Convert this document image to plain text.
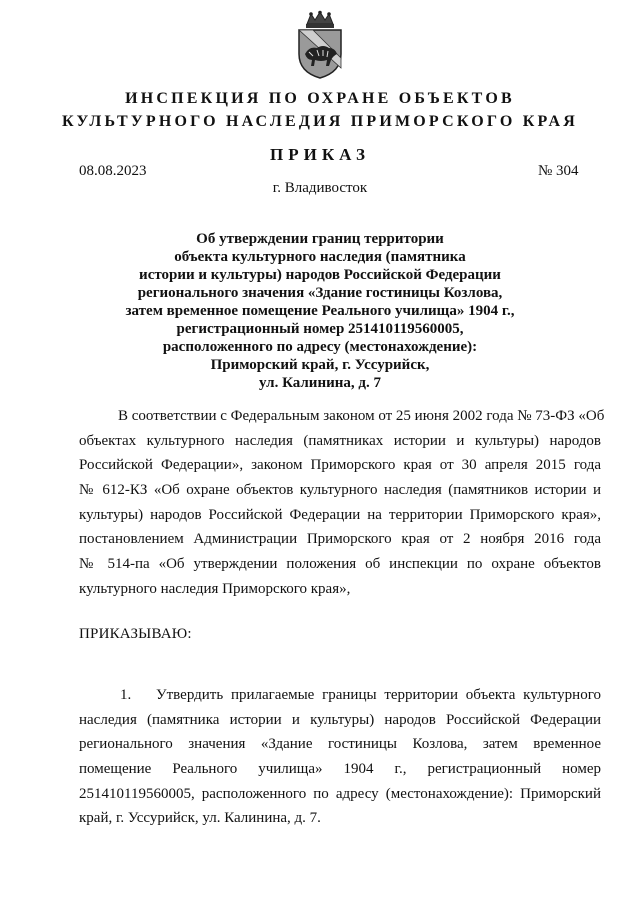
ИНСПЕКЦИЯ ПО ОХРАНЕ ОБЪЕКТОВ
КУЛЬТУРНОГО НАСЛЕДИЯ ПРИМОРСКОГО КРАЯ
ПРИКАЗ
08.08.2023	№ 304
г. Владивосток
Об утверждении границ территории
объекта культурного наследия (памятника
истории и культуры) народов Российской Федерации
регионального значения «Здание гостиницы Козлова,
затем временное помещение Реального училища» 1904 г.,
регистрационный номер 251410119560005,
расположенного по адресу (местонахождение):
Приморский край, г. Уссурийск,
ул. Калинина, д. 7
В соответствии с Федеральным законом от 25 июня 2002 года № 73-ФЗ «Об
объектах культурного наследия (памятниках истории и культуры) народов
Российской Федерации», законом Приморского края от 30 апреля 2015 года
№ 612-КЗ «Об охране объектов культурного наследия (памятников истории и
культуры) народов Российской Федерации на территории Приморского края»,
постановлением Администрации Приморского края от 2 ноября 2016 года
№ 514-па «Об утверждении положения об инспекции по охране объектов
культурного наследия Приморского края»,
ПРИКАЗЫВАЮ:
1. Утвердить прилагаемые границы территории объекта культурного
наследия (памятника истории и культуры) народов Российской Федерации
регионального значения «Здание гостиницы Козлова, затем временное
помещение Реального училища» 1904 г., регистрационный номер
251410119560005, расположенного по адресу (местонахождение): Приморский
край, г. Уссурийск, ул. Калинина, д. 7.
